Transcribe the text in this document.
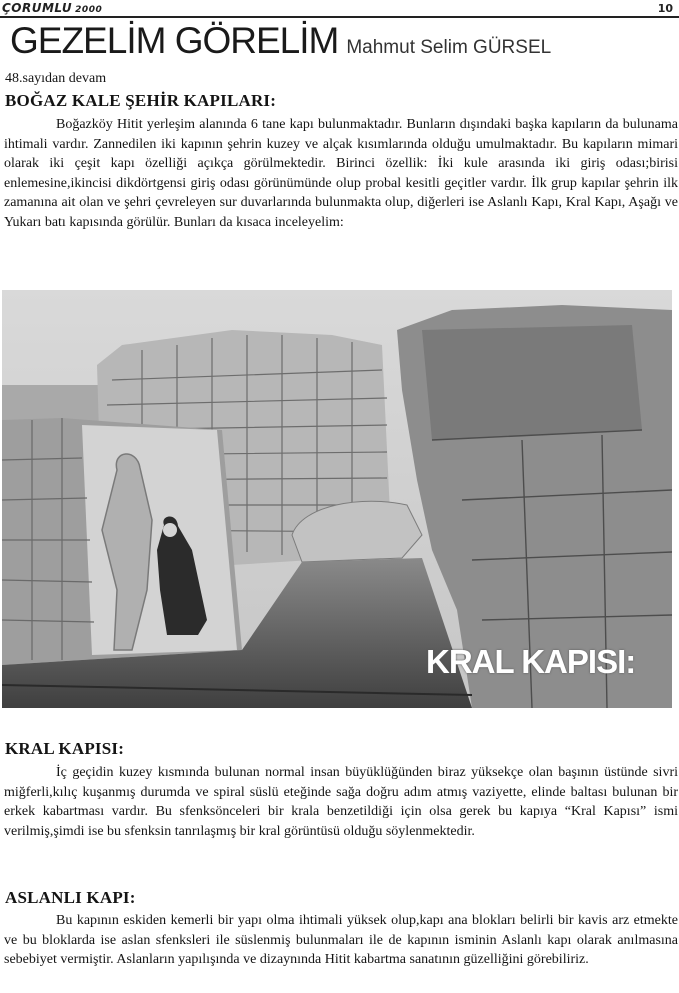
ÇORUMLU 2000	10
GEZELİM GÖRELİM Mahmut Selim GÜRSEL
48.sayıdan devam
BOĞAZ KALE ŞEHİR KAPILARI:

Boğazköy Hitit yerleşim alanında 6 tane kapı bulunmaktadır. Bunların dışındaki başka kapıların da bulunama ihtimali vardır. Zannedilen iki kapının şehrin kuzey ve alçak kısımlarında olduğu umulmaktadır. Bu kapıların mimari olarak iki çeşit kapı özelliği açıkça görülmektedir. Birinci özellik: İki kule arasında iki giriş odası;birisi enlemesine,ikincisi dikdörtgensi giriş odası görünümünde olup probal kesitli geçitler vardır. İlk grup kapılar şehrin ilk zamanına ait olan ve şehri çevreleyen sur duvarlarında bulunmakta olup, diğerleri ise Aslanlı Kapı, Kral Kapı, Aşağı ve Yukarı batı kapısında görülür. Bunları da kısaca inceleyelim:

KRAL KAPISI:
KRAL KAPISI:

İç geçidin kuzey kısmında bulunan normal insan büyüklüğünden biraz yüksekçe olan başının üstünde sivri miğferli,kılıç kuşanmış durumda ve spiral süslü eteğinde sağa doğru adım atmış vaziyette, elinde baltası bulunan bir erkek kabartması vardır. Bu sfenksönceleri bir krala benzetildiği için olsa gerek bu kapıya “Kral Kapısı” ismi verilmiş,şimdi ise bu sfenksin tanrılaşmış bir kral görüntüsü olduğu söylenmektedir.

ASLANLI KAPI:

Bu kapının eskiden kemerli bir yapı olma ihtimali yüksek olup,kapı ana blokları belirli bir kavis arz etmekte ve bu bloklarda ise aslan sfenksleri ile süslenmiş bulunmaları ile de kapının isminin Aslanlı kapı olarak anılmasına sebebiyet vermiştir. Aslanların yapılışında ve dizaynında Hitit kabartma sanatının güzelliğini görebiliriz.
